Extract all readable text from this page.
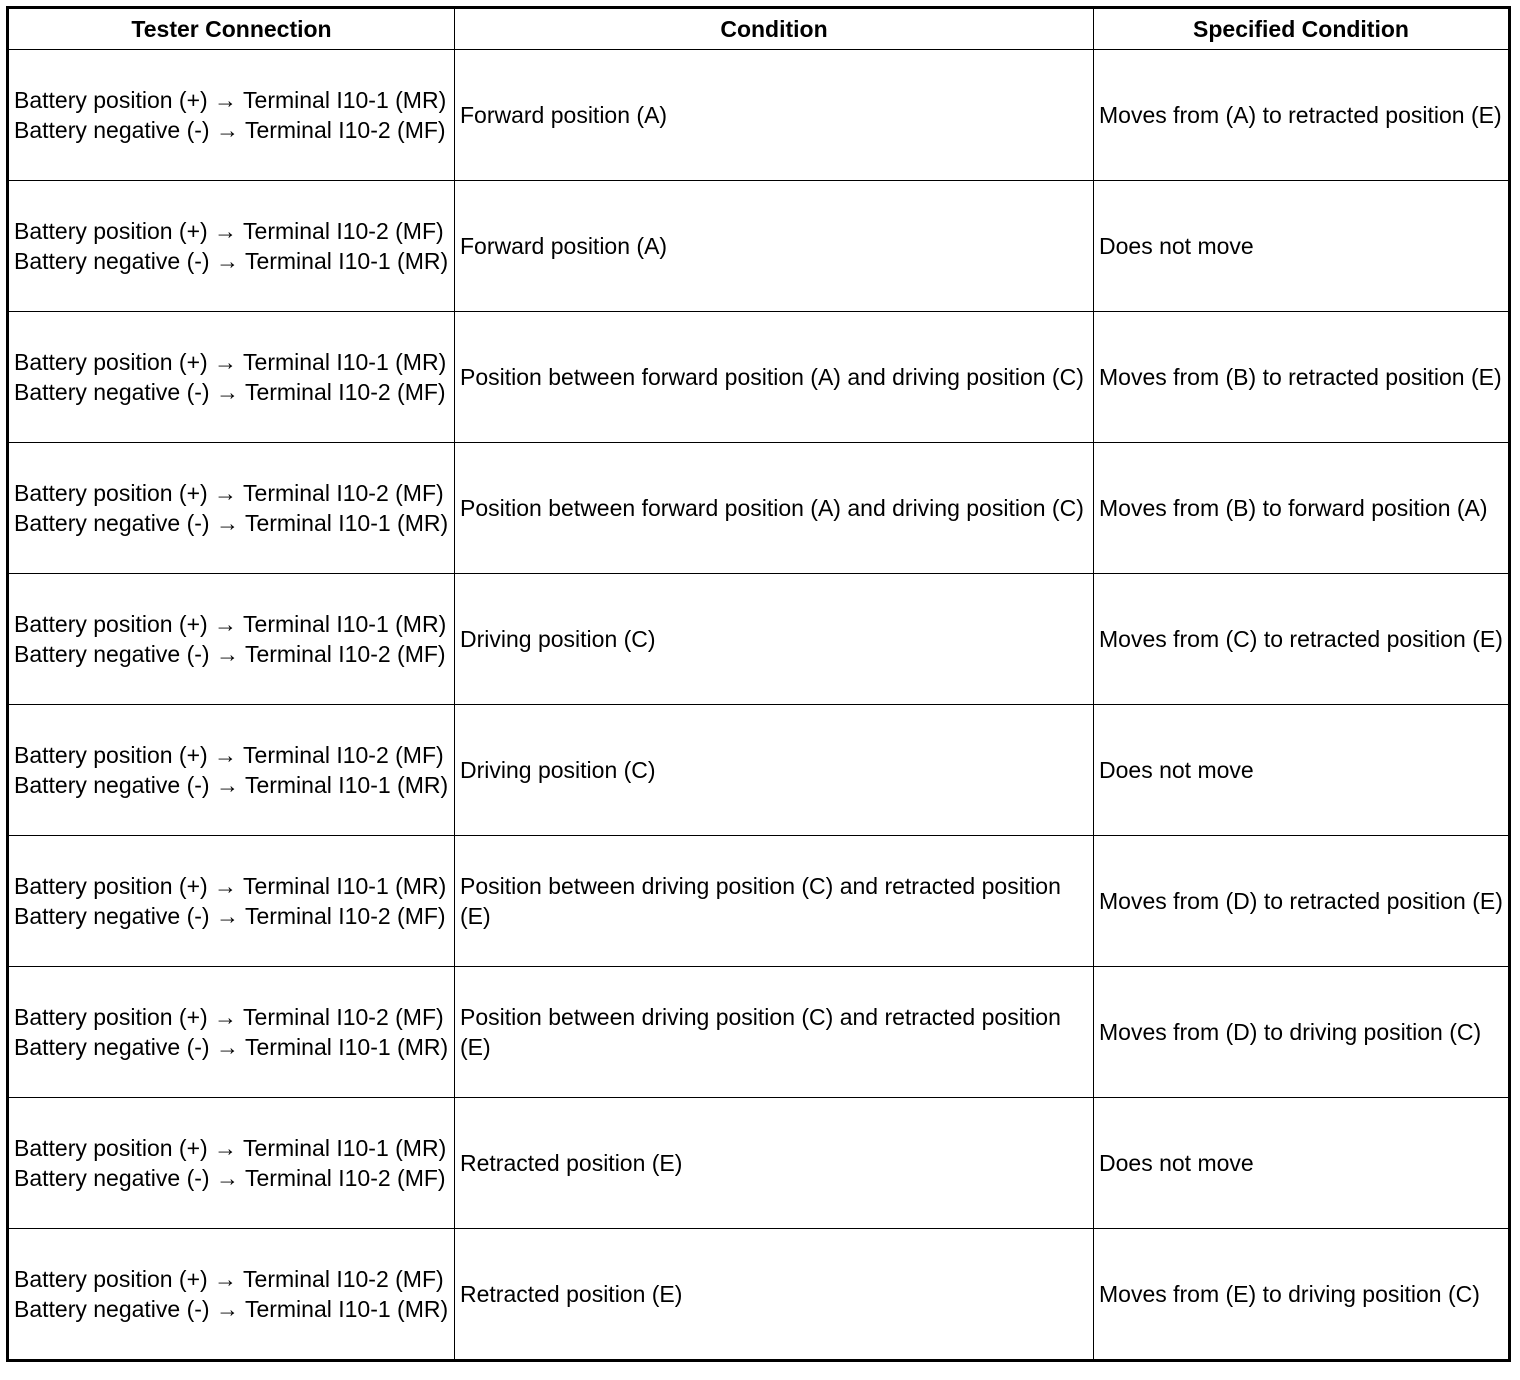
Tester Connection	Condition	Specified Condition

Battery position (+) → Terminal I10-1 (MR)
Battery negative (-) → Terminal I10-2 (MF)	Forward position (A)	Moves from (A) to retracted position (E)

Battery position (+) → Terminal I10-2 (MF)
Battery negative (-) → Terminal I10-1 (MR)	Forward position (A)	Does not move

Battery position (+) → Terminal I10-1 (MR)
Battery negative (-) → Terminal I10-2 (MF)	Position between forward position (A) and driving position (C)	Moves from (B) to retracted position (E)

Battery position (+) → Terminal I10-2 (MF)
Battery negative (-) → Terminal I10-1 (MR)	Position between forward position (A) and driving position (C)	Moves from (B) to forward position (A)

Battery position (+) → Terminal I10-1 (MR)
Battery negative (-) → Terminal I10-2 (MF)	Driving position (C)	Moves from (C) to retracted position (E)

Battery position (+) → Terminal I10-2 (MF)
Battery negative (-) → Terminal I10-1 (MR)	Driving position (C)	Does not move

Battery position (+) → Terminal I10-1 (MR)
Battery negative (-) → Terminal I10-2 (MF)	Position between driving position (C) and retracted position (E)	Moves from (D) to retracted position (E)

Battery position (+) → Terminal I10-2 (MF)
Battery negative (-) → Terminal I10-1 (MR)	Position between driving position (C) and retracted position (E)	Moves from (D) to driving position (C)

Battery position (+) → Terminal I10-1 (MR)
Battery negative (-) → Terminal I10-2 (MF)	Retracted position (E)	Does not move

Battery position (+) → Terminal I10-2 (MF)
Battery negative (-) → Terminal I10-1 (MR)	Retracted position (E)	Moves from (E) to driving position (C)
